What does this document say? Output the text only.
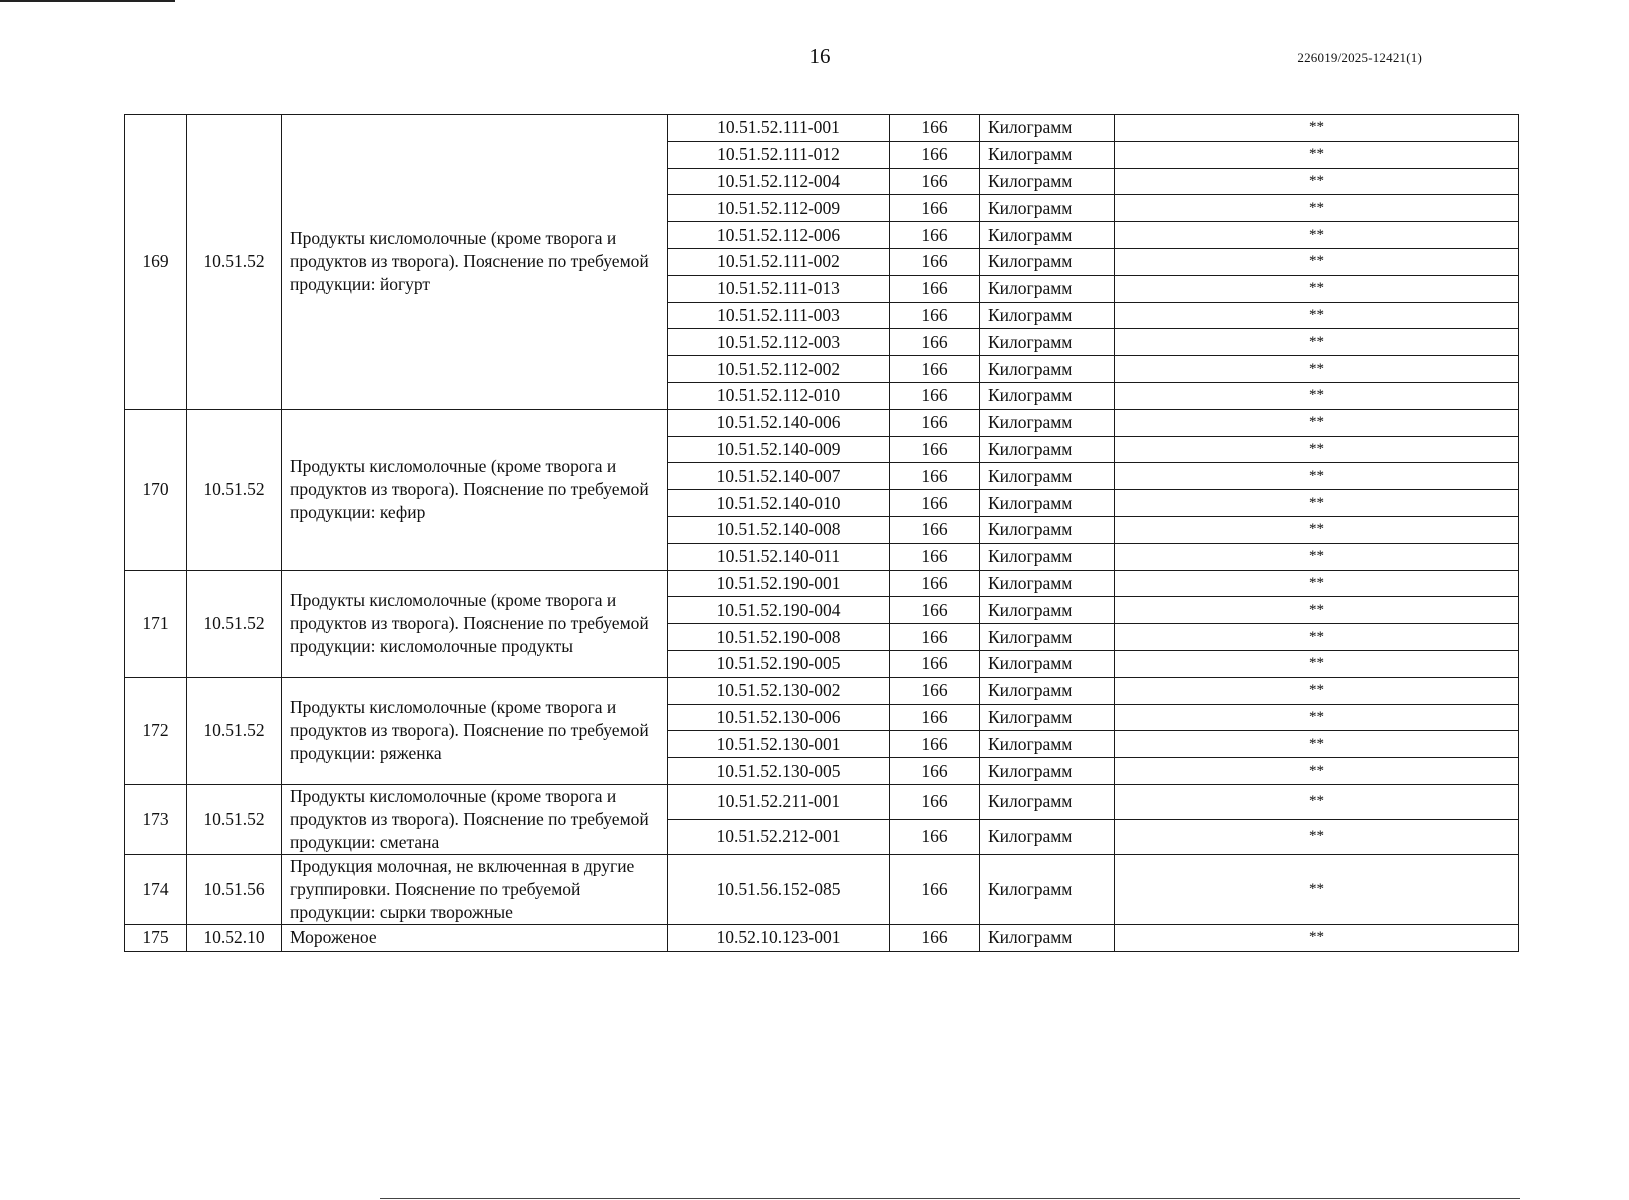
16	226019/2025-12421(1)
169	10.51.52	Продукты кисломолочные (кроме творога и продуктов из творога). Пояснение по требуемой продукции: йогурт	10.51.52.111-001	166	Килограмм	**
			10.51.52.111-012	166	Килограмм	**
			10.51.52.112-004	166	Килограмм	**
			10.51.52.112-009	166	Килограмм	**
			10.51.52.112-006	166	Килограмм	**
			10.51.52.111-002	166	Килограмм	**
			10.51.52.111-013	166	Килограмм	**
			10.51.52.111-003	166	Килограмм	**
			10.51.52.112-003	166	Килограмм	**
			10.51.52.112-002	166	Килограмм	**
			10.51.52.112-010	166	Килограмм	**
170	10.51.52	Продукты кисломолочные (кроме творога и продуктов из творога). Пояснение по требуемой продукции: кефир	10.51.52.140-006	166	Килограмм	**
			10.51.52.140-009	166	Килограмм	**
			10.51.52.140-007	166	Килограмм	**
			10.51.52.140-010	166	Килограмм	**
			10.51.52.140-008	166	Килограмм	**
			10.51.52.140-011	166	Килограмм	**
171	10.51.52	Продукты кисломолочные (кроме творога и продуктов из творога). Пояснение по требуемой продукции: кисломолочные продукты	10.51.52.190-001	166	Килограмм	**
			10.51.52.190-004	166	Килограмм	**
			10.51.52.190-008	166	Килограмм	**
			10.51.52.190-005	166	Килограмм	**
172	10.51.52	Продукты кисломолочные (кроме творога и продуктов из творога). Пояснение по требуемой продукции: ряженка	10.51.52.130-002	166	Килограмм	**
			10.51.52.130-006	166	Килограмм	**
			10.51.52.130-001	166	Килограмм	**
			10.51.52.130-005	166	Килограмм	**
173	10.51.52	Продукты кисломолочные (кроме творога и продуктов из творога). Пояснение по требуемой продукции: сметана	10.51.52.211-001	166	Килограмм	**
			10.51.52.212-001	166	Килограмм	**
174	10.51.56	Продукция молочная, не включенная в другие группировки. Пояснение по требуемой продукции: сырки творожные	10.51.56.152-085	166	Килограмм	**
175	10.52.10	Мороженое	10.52.10.123-001	166	Килограмм	**
